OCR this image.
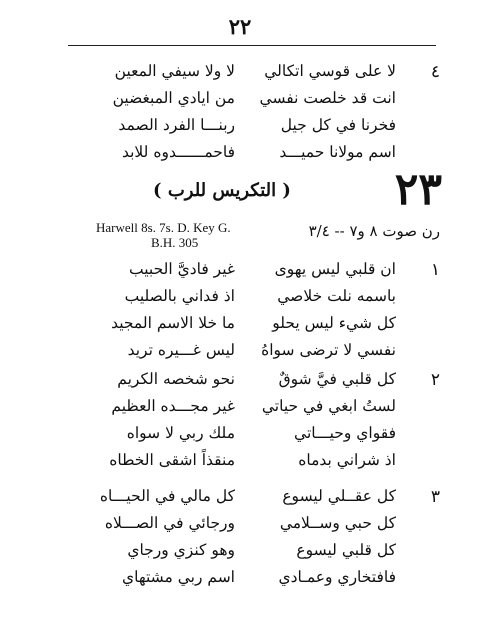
٢٢
٤
لا على قوسي اتكالي
لا ولا سيفي المعين
انت قد خلصت نفسي
من ايادي المبغضين
فخرنا في كل جيل
ربنـــا الفرد الصمد
اسم مولانا حميـــد
فاحمــــــدوه للابد
٢٣
( التكريس للرب )
رن صوت ٨ و٧ -- ٣/٤
Harwell 8s. 7s. D. Key G.
B.H. 305
١
ان قلبي ليس يهوى
غير فاديَّ الحبيب
باسمه نلت خلاصي
اذ فداني بالصليب
كل شيء ليس يحلو
ما خلا الاسم المجيد
نفسي لا ترضى سواهُ
ليس غـــيره تريد
٢
كل قلبي فيَّ شوقٌ
نحو شخصه الكريم
لستُ ابغي في حياتي
غير مجـــده العظيم
فقواي وحيـــاتي
ملك ربي لا سواه
اذ شراني بدماه
منقذاً اشقى الخطاه
٣
كل عقــلي ليسوع
كل مالي في الحيـــاه
كل حبي وســلامي
ورجائي في الصـــلاه
كل قلبي ليسوع
وهو كنزي ورجاي
فافتخاري وعمـادي
اسم ربي مشتهاي
